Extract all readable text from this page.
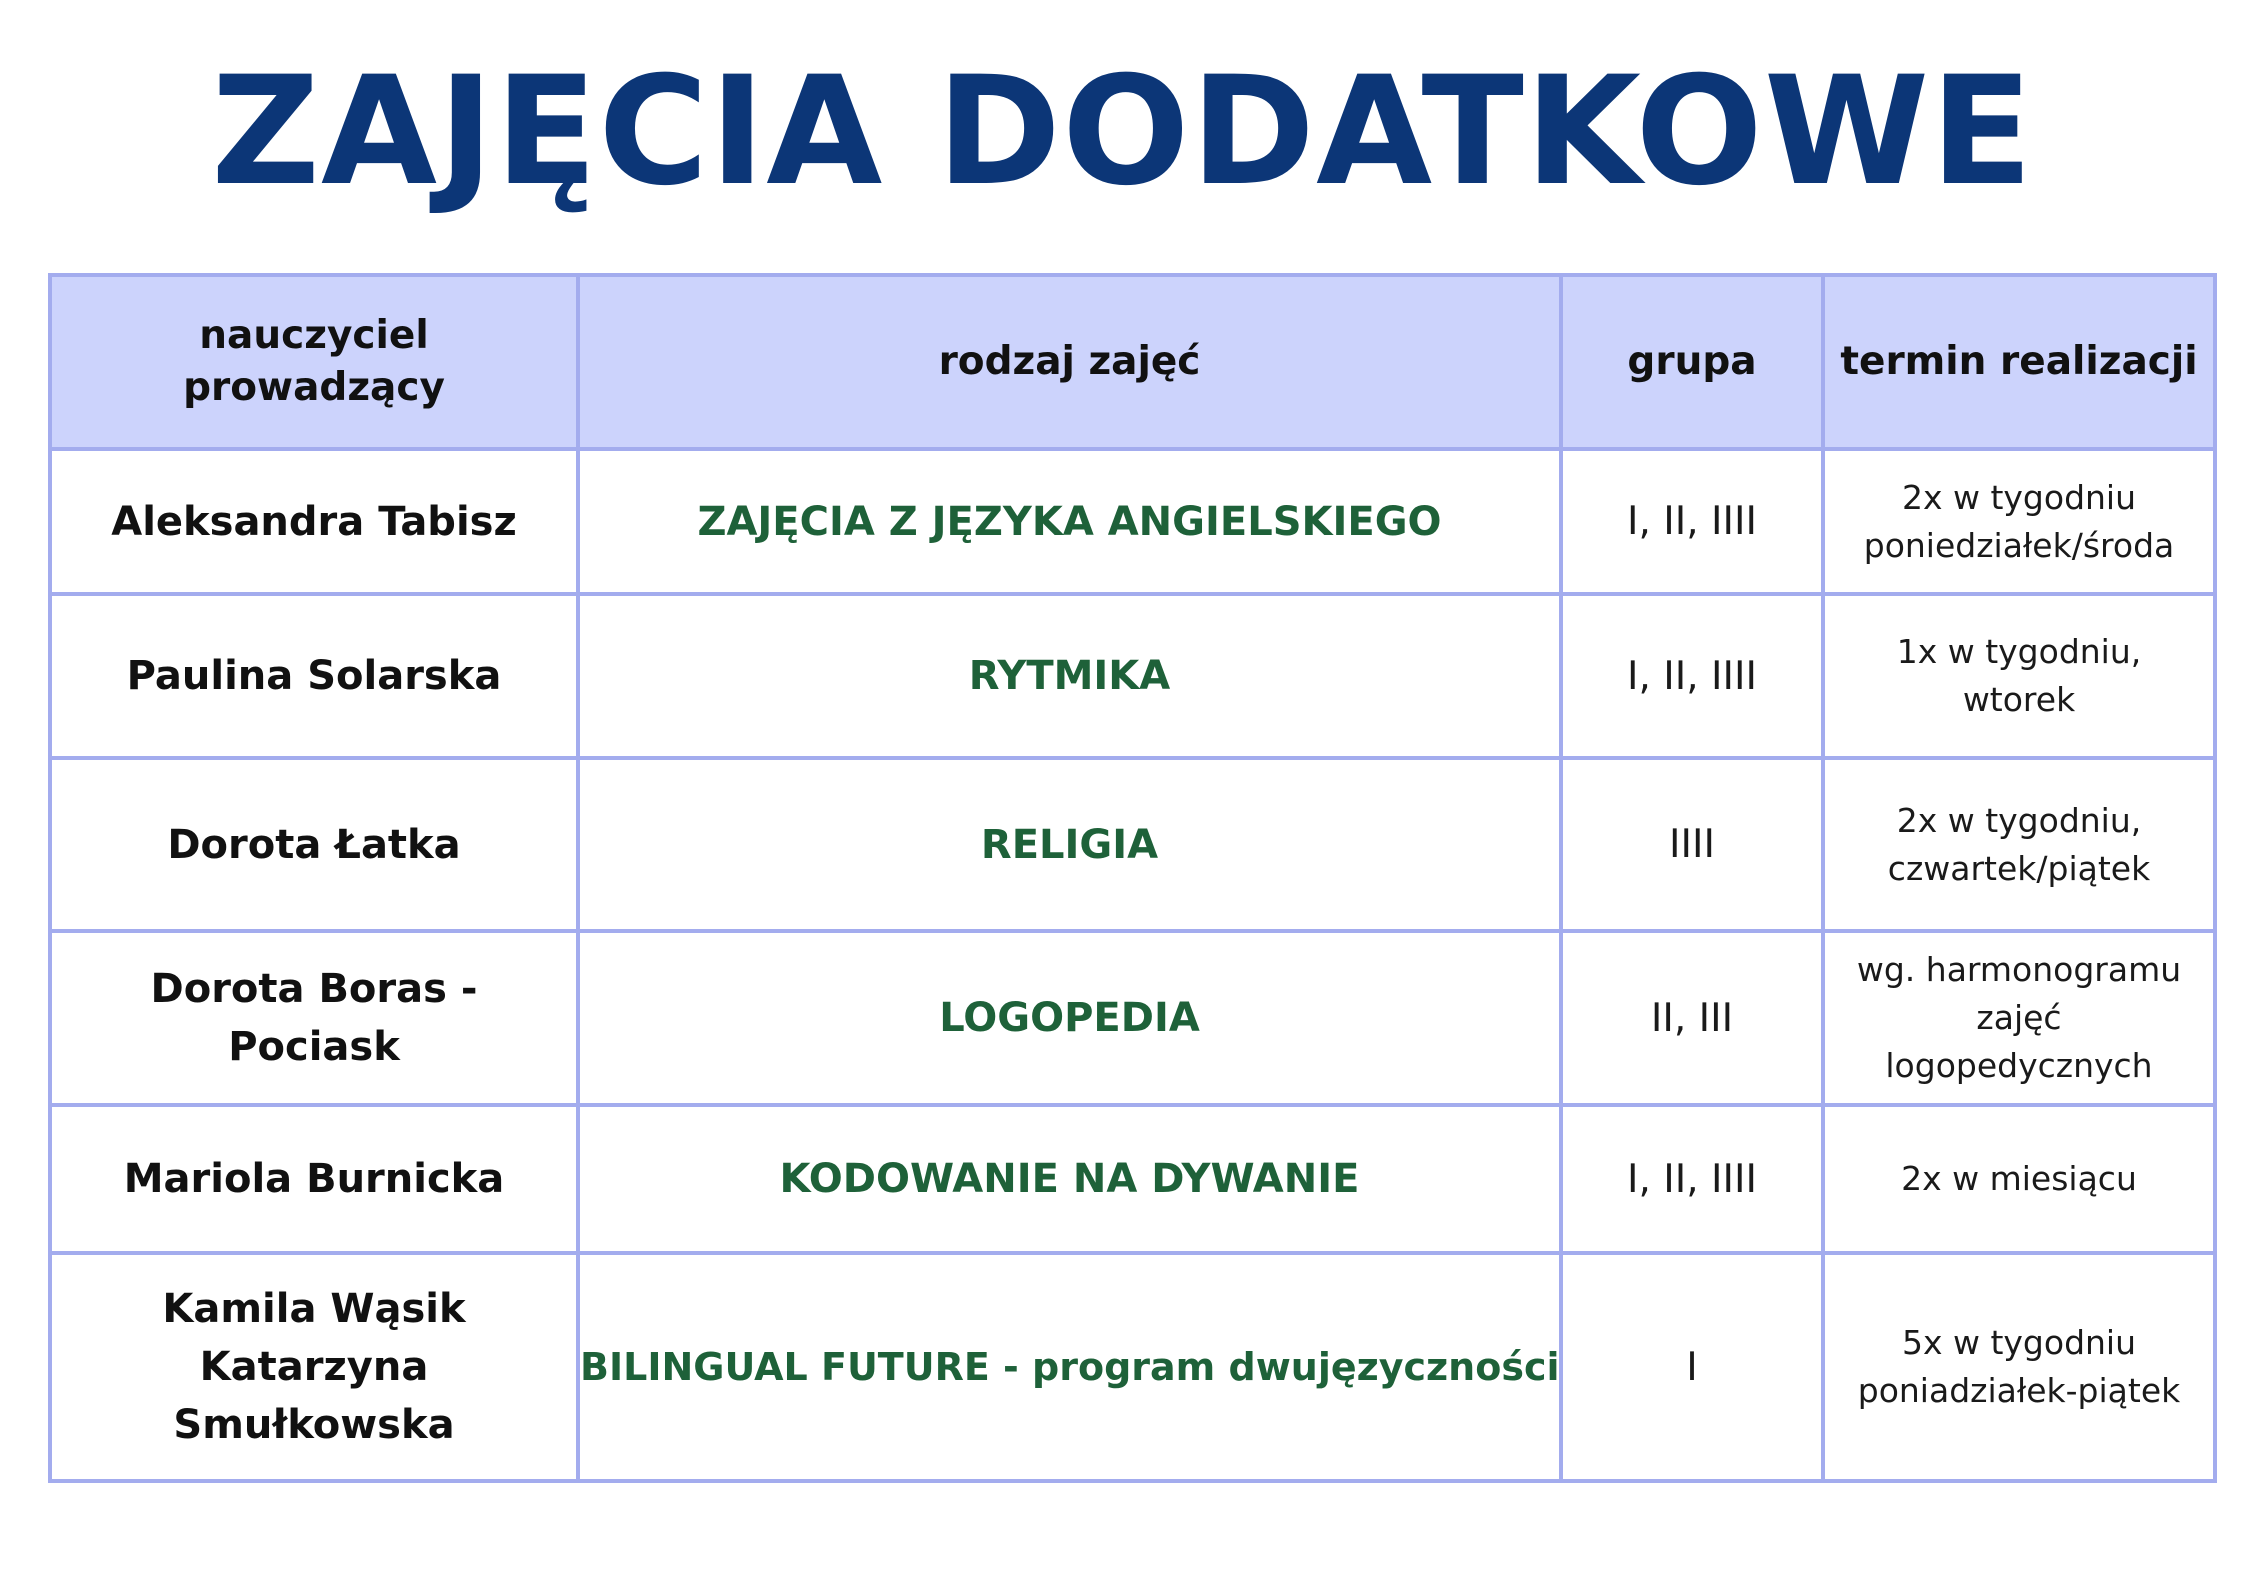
ZAJĘCIA DODATKOWE
nauczyciel
prowadzący	rodzaj zajęć	grupa	termin realizacji

Aleksandra Tabisz	ZAJĘCIA Z JĘZYKA ANGIELSKIEGO	I, II, IIII	2x w tygodniu
poniedziałek/środa

Paulina Solarska	RYTMIKA	I, II, IIII	1x w tygodniu,
wtorek

Dorota Łatka	RELIGIA	IIII	2x w tygodniu,
czwartek/piątek

Dorota Boras - Pociask	LOGOPEDIA	II, III	wg. harmonogramu
zajęć
logopedycznych

Mariola Burnicka	KODOWANIE NA DYWANIE	I, II, IIII	2x w miesiącu

Kamila Wąsik
Katarzyna Smułkowska	BILINGUAL FUTURE - program dwujęzyczności	I	5x w tygodniu
poniadziałek-piątek
